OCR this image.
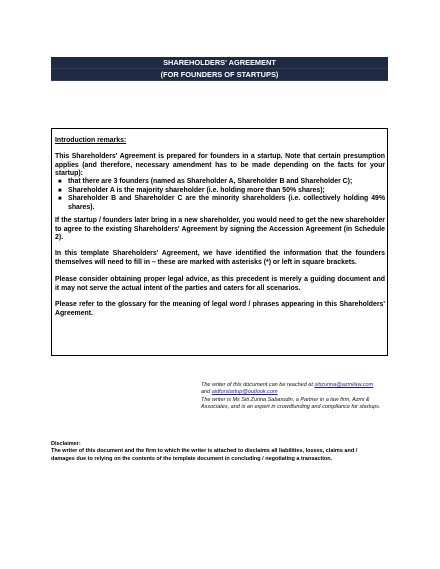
SHAREHOLDERS' AGREEMENT
(FOR FOUNDERS OF STARTUPS)
Introduction remarks:
This Shareholders' Agreement is prepared for founders in a startup. Note that certain presumption applies (and therefore, necessary amendment has to be made depending on the facts for your startup):
■ that there are 3 founders (named as Shareholder A, Shareholder B and Shareholder C);
■ Shareholder A is the majority shareholder (i.e. holding more than 50% shares);
■ Shareholder B and Shareholder C are the minority shareholders (i.e. collectively holding 49% shares).
If the startup / founders later bring in a new shareholder, you would need to get the new shareholder to agree to the existing Shareholders' Agreement by signing the Accession Agreement (in Schedule 2).
In this template Shareholders' Agreement, we have identified the information that the founders themselves will need to fill in – these are marked with asterisks (*) or left in square brackets.
Please consider obtaining proper legal advice, as this precedent is merely a guiding document and it may not serve the actual intent of the parties and caters for all scenarios.
Please refer to the glossary for the meaning of legal word / phrases appearing in this Shareholders' Agreement.
The writer of this document can be reached at sitizurina@azmilaw.com
and aidforstartup@outlook.com
The writer is Ms Siti Zurina Sabarudin, a Partner in a law firm, Azmi & Associates, and is an expert in crowdfunding and compliance for startups.
Disclaimer:
The writer of this document and the firm to which the writer is attached to disclaims all liabilities, losses, claims and / damages due to relying on the contents of the template document in concluding / negotiating a transaction.
